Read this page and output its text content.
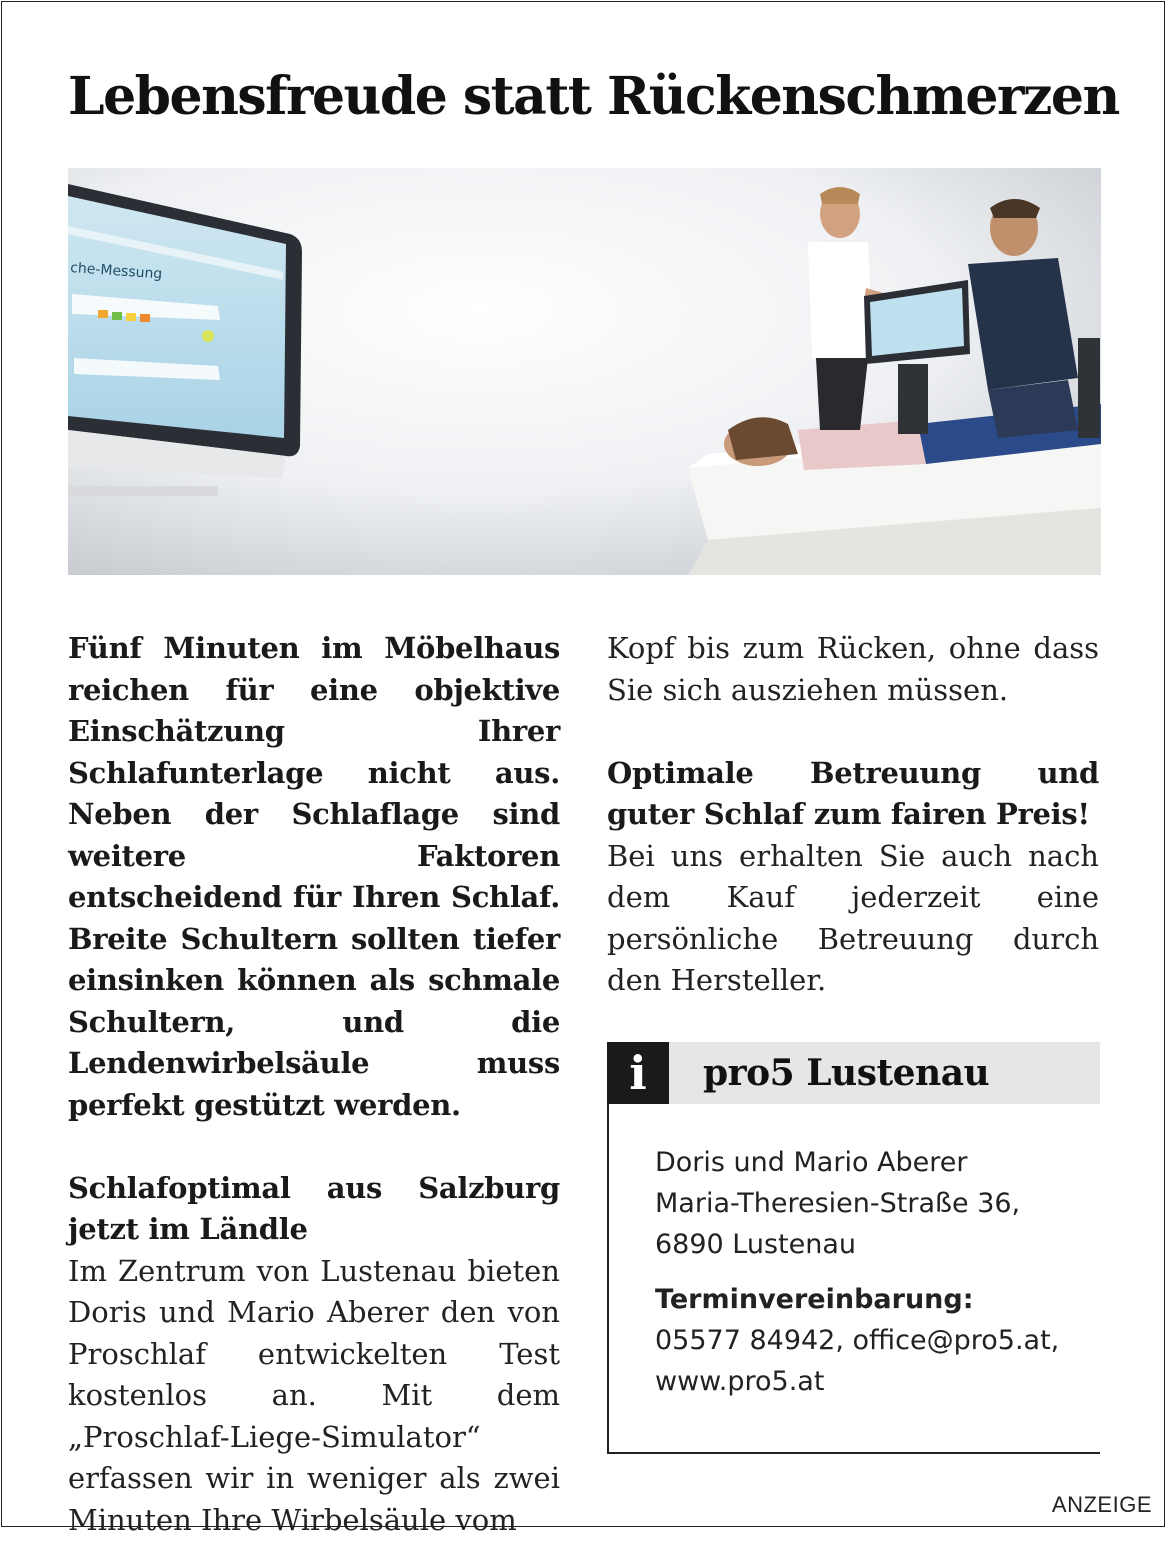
Lebensfreude statt Rückenschmerzen
che-Messung

Fünf Minuten im Möbelhaus reichen für eine objektive Einschätzung Ihrer Schlafunterlage nicht aus. Neben der Schlaflage sind weitere Faktoren entscheidend für Ihren Schlaf. Breite Schultern sollten tiefer einsinken können als schmale Schultern, und die Lendenwirbelsäule muss perfekt gestützt werden.

Schlafoptimal aus Salzburg jetzt im Ländle

Im Zentrum von Lustenau bieten Doris und Mario Aberer den von Proschlaf entwickelten Test kostenlos an. Mit dem „Proschlaf-Liege-Simulator“ erfassen wir in weniger als zwei Minuten Ihre Wirbelsäule vom

Kopf bis zum Rücken, ohne dass Sie sich ausziehen müssen.

Optimale Betreuung und guter Schlaf zum fairen Preis!

Bei uns erhalten Sie auch nach dem Kauf jederzeit eine persönliche Betreuung durch den Hersteller.

i	pro5 Lustenau
Doris und Mario Aberer
Maria-Theresien-Straße 36,
6890 Lustenau
Terminvereinbarung:
05577 84942, office@pro5.at,
www.pro5.at
ANZEIGE
